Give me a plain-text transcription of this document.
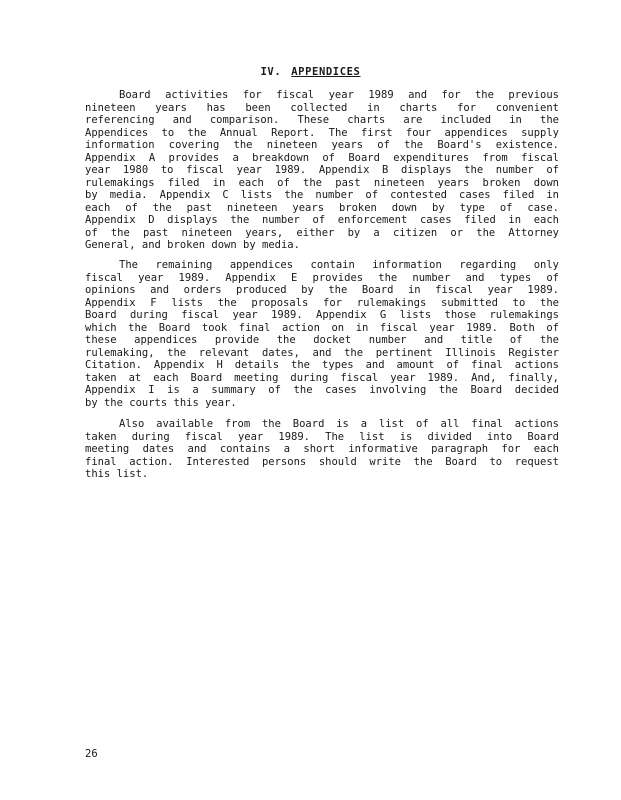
IV. APPENDICES
Board activities for fiscal year 1989 and for the previous
nineteen years has been collected in charts for convenient
referencing and comparison. These charts are included in the
Appendices to the Annual Report. The first four appendices supply
information covering the nineteen years of the Board's existence.
Appendix A provides a breakdown of Board expenditures from fiscal
year 1980 to fiscal year 1989. Appendix B displays the number of
rulemakings filed in each of the past nineteen years broken down
by media. Appendix C lists the number of contested cases filed in
each of the past nineteen years broken down by type of case.
Appendix D displays the number of enforcement cases filed in each
of the past nineteen years, either by a citizen or the Attorney
General, and broken down by media.
The remaining appendices contain information regarding only
fiscal year 1989. Appendix E provides the number and types of
opinions and orders produced by the Board in fiscal year 1989.
Appendix F lists the proposals for rulemakings submitted to the
Board during fiscal year 1989. Appendix G lists those rulemakings
which the Board took final action on in fiscal year 1989. Both of
these appendices provide the docket number and title of the
rulemaking, the relevant dates, and the pertinent Illinois Register
Citation. Appendix H details the types and amount of final actions
taken at each Board meeting during fiscal year 1989. And, finally,
Appendix I is a summary of the cases involving the Board decided
by the courts this year.
Also available from the Board is a list of all final actions
taken during fiscal year 1989. The list is divided into Board
meeting dates and contains a short informative paragraph for each
final action. Interested persons should write the Board to request
this list.

26
